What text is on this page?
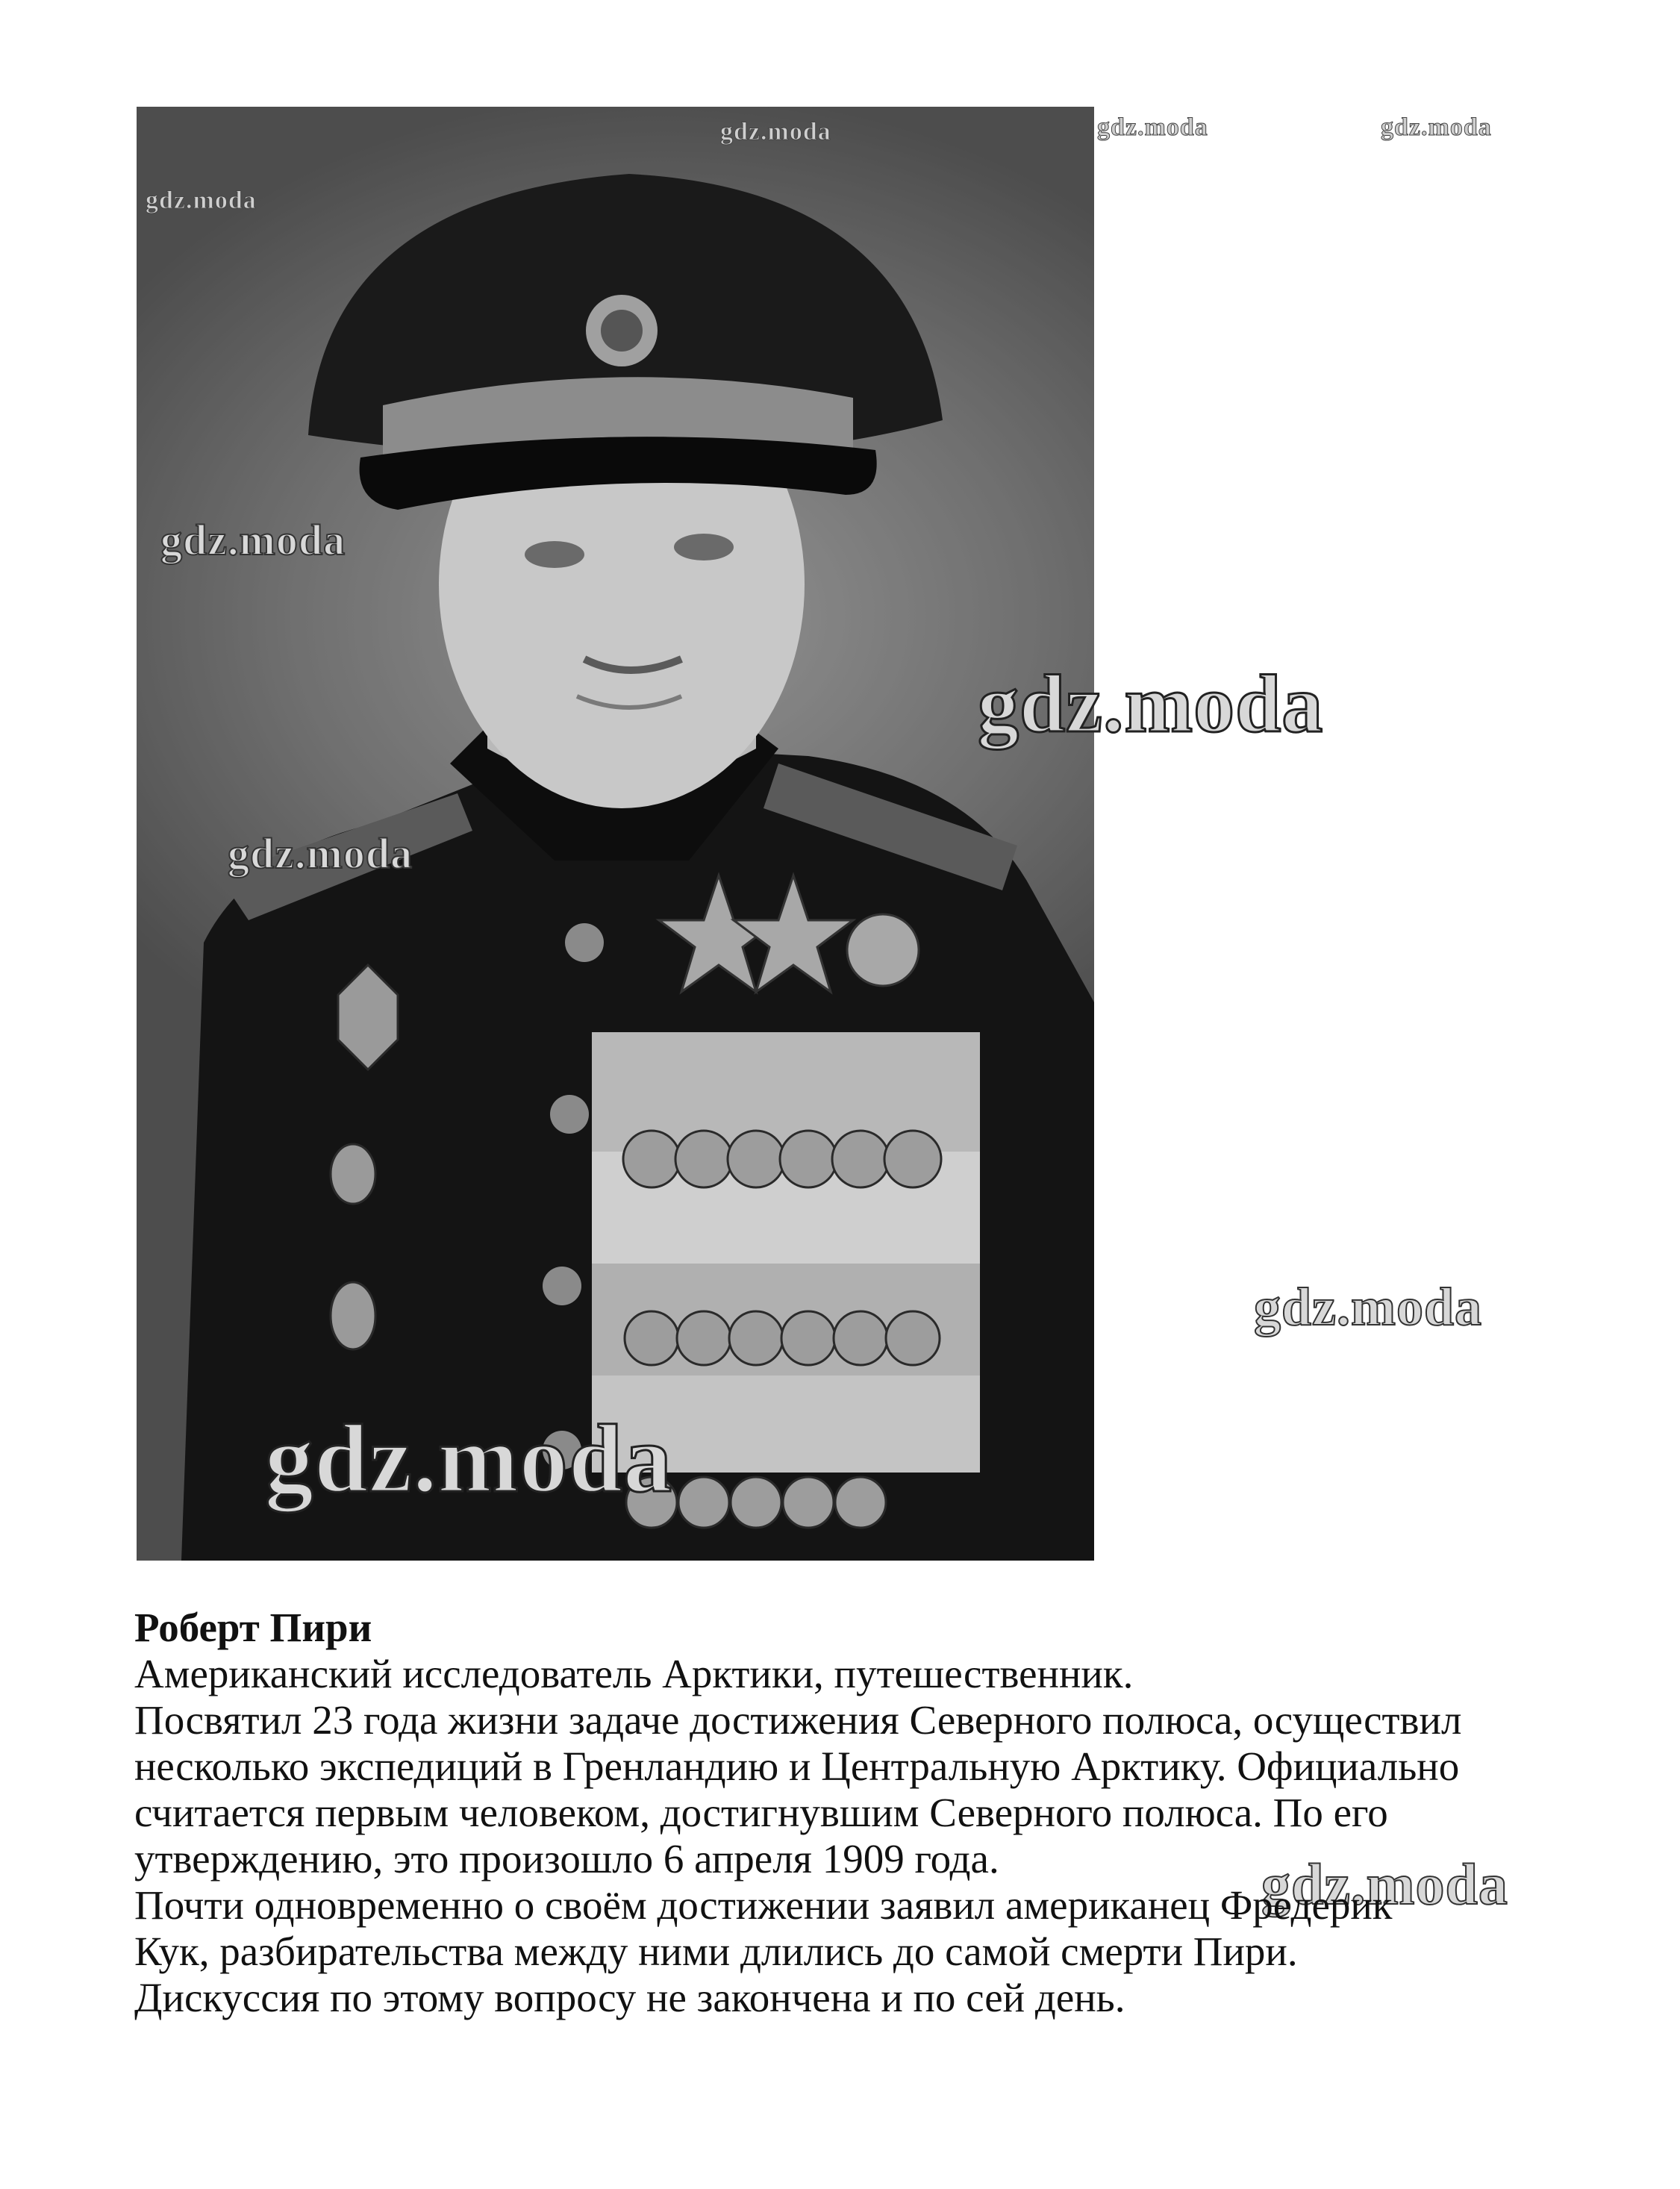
gdz.moda	gdz.moda	gdz.moda
gdz.moda
gdz.moda
gdz.moda
gdz.moda
gdz.moda
gdz.moda
gdz.moda

Роберт Пири

Американский исследователь Арктики, путешественник.

Посвятил 23 года жизни задаче достижения Северного полюса, осуществил

несколько экспедиций в Гренландию и Центральную Арктику. Официально

считается первым человеком, достигнувшим Северного полюса. По его

утверждению, это произошло 6 апреля 1909 года.

Почти одновременно о своём достижении заявил американец Фредерик

Кук, разбирательства между ними длились до самой смерти Пири.

Дискуссия по этому вопросу не закончена и по сей день.
